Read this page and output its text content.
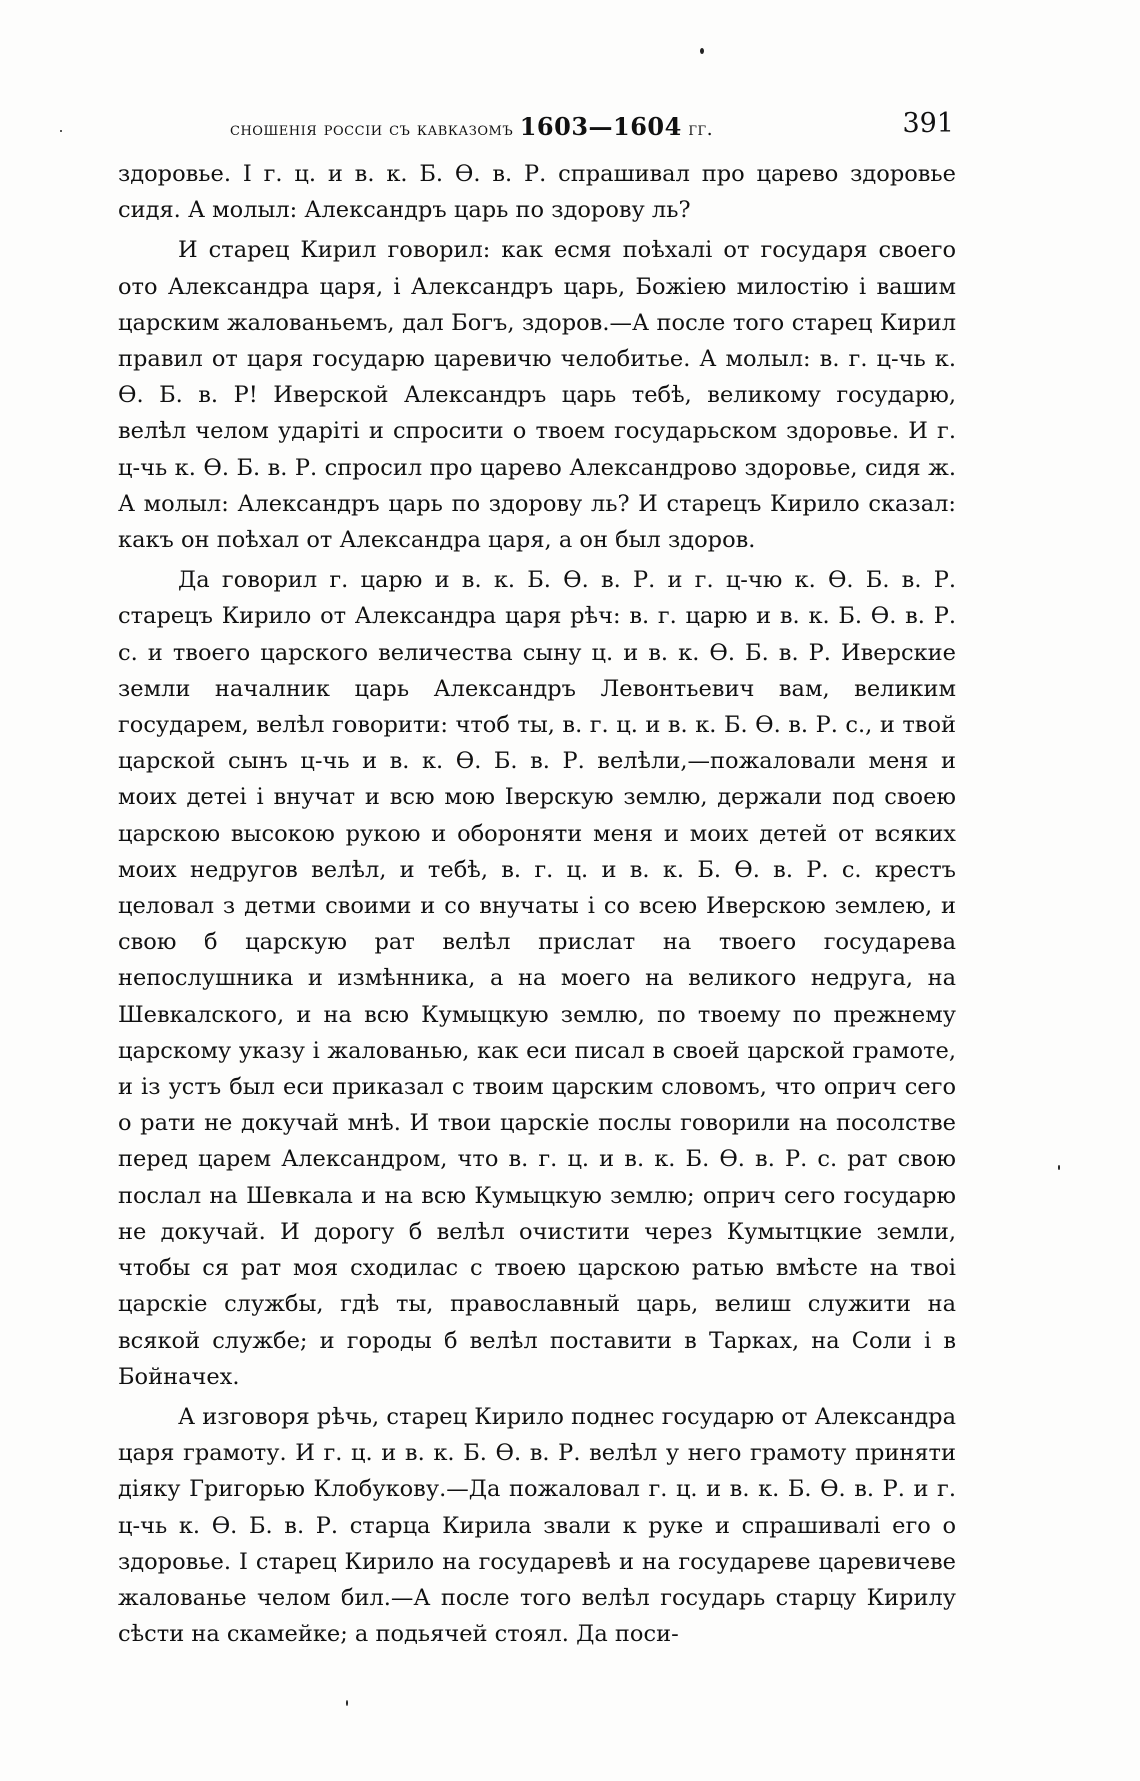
сношенія россіи съ кавказомъ 1603—1604 гг.	391

здоровье. I г. ц. и в. к. Б. Ѳ. в. Р. спрашивал про царево здоровье сидя. А молыл: Александръ царь по здорову ль?

И старец Кирил говорил: как есмя поѣхалі от государя своего ото Александра царя, і Александръ царь, Божіею милостію і вашим царским жалованьемъ, дал Богъ, здоров.—А после того старец Кирил правил от царя государю царевичю челобитье. А молыл: в. г. ц-чь к. Ѳ. Б. в. Р! Иверской Александръ царь тебѣ, великому государю, велѣл челом ударіті и спросити о твоем государьском здоровье. И г. ц-чь к. Ѳ. Б. в. Р. спросил про царево Александрово здоровье, сидя ж. А молыл: Александръ царь по здорову ль? И старецъ Кирило сказал: какъ он поѣхал от Александра царя, а он был здоров.

Да говорил г. царю и в. к. Б. Ѳ. в. Р. и г. ц-чю к. Ѳ. Б. в. Р. старецъ Кирило от Александра царя рѣч: в. г. царю и в. к. Б. Ѳ. в. Р. с. и твоего царского величества сыну ц. и в. к. Ѳ. Б. в. Р. Иверские земли началник царь Александръ Левонтьевич вам, великим государем, велѣл говорити: чтоб ты, в. г. ц. и в. к. Б. Ѳ. в. Р. с., и твой царской сынъ ц-чь и в. к. Ѳ. Б. в. Р. велѣли,—пожаловали меня и моих детеі і внучат и всю мою Іверскую землю, держали под своею царскою высокою рукою и обороняти меня и моих детей от всяких моих недругов велѣл, и тебѣ, в. г. ц. и в. к. Б. Ѳ. в. Р. с. крестъ целовал з детми своими и со внучаты і со всею Иверскою землею, и свою б царскую рат велѣл прислат на твоего государева непослушника и измѣнника, а на моего на великого недруга, на Шевкалского, и на всю Кумыцкую землю, по твоему по прежнему царскому указу і жалованью, как еси писал в своей царской грамоте, и із устъ был еси приказал с твоим царским словомъ, что оприч сего о рати не докучай мнѣ. И твои царскіе послы говорили на посолстве перед царем Александром, что в. г. ц. и в. к. Б. Ѳ. в. Р. с. рат свою послал на Шевкала и на всю Кумыцкую землю; оприч сего государю не докучай. И дорогу б велѣл очистити через Кумытцкие земли, чтобы ся рат моя сходилас с твоею царскою ратью вмѣсте на твоі царскіе службы, гдѣ ты, православный царь, велиш служити на всякой службе; и городы б велѣл поставити в Тарках, на Соли і в Бойначех.

А изговоря рѣчь, старец Кирило поднес государю от Александра царя грамоту. И г. ц. и в. к. Б. Ѳ. в. Р. велѣл у него грамоту приняти діяку Григорью Клобукову.—Да пожаловал г. ц. и в. к. Б. Ѳ. в. Р. и г. ц-чь к. Ѳ. Б. в. Р. старца Кирила звали к руке и спрашивалі его о здоровье. I старец Кирило на государевѣ и на государеве царевичеве жалованье челом бил.—А после того велѣл государь старцу Кирилу сѣсти на скамейке; а подьячей стоял. Да поси-
